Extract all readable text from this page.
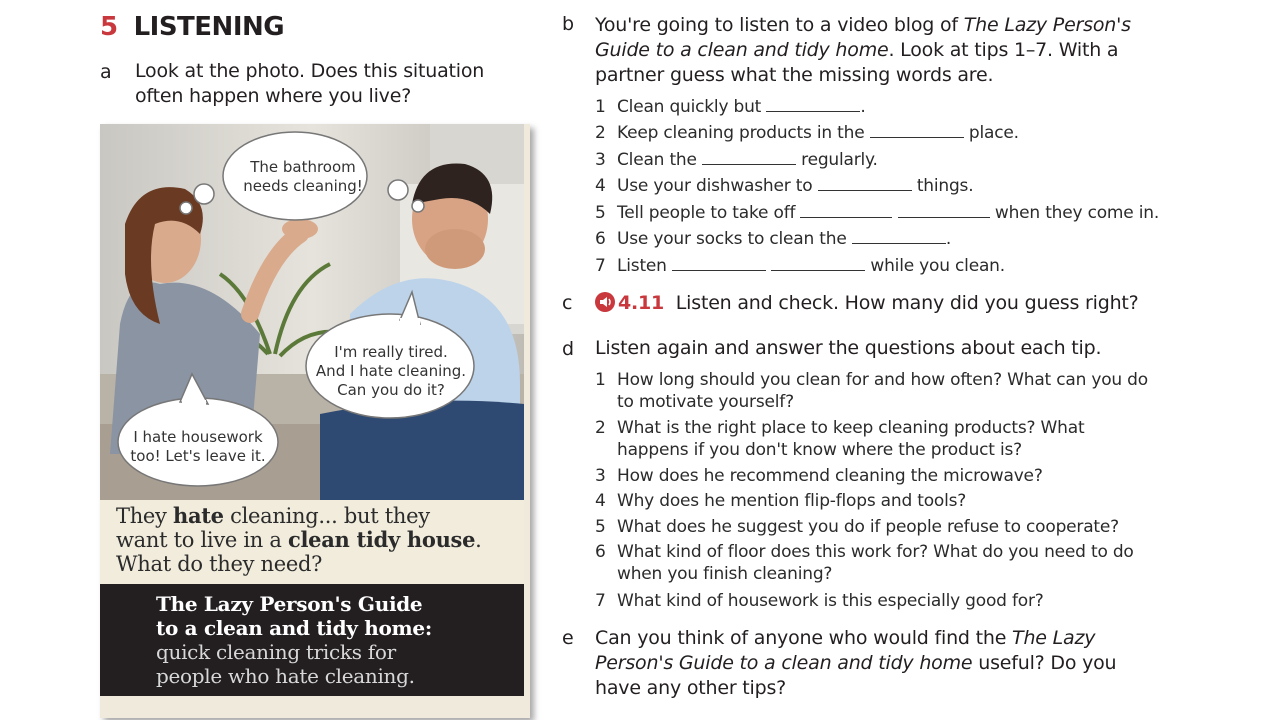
5 LISTENING
a Look at the photo. Does this situation
often happen where you live?
The bathroom
needs cleaning!
I'm really tired.
And I hate cleaning.
Can you do it?
I hate housework
too! Let's leave it.
They hate cleaning... but they
want to live in a clean tidy house.
What do they need?
The Lazy Person's Guide
to a clean and tidy home:
quick cleaning tricks for
people who hate cleaning.
b You're going to listen to a video blog of The Lazy Person's
Guide to a clean and tidy home. Look at tips 1–7. With a
partner guess what the missing words are.
1 Clean quickly but	.
2 Keep cleaning products in the	place.
3 Clean the	regularly.
4 Use your dishwasher to	things.
5 Tell people to take off	when they come in.
6 Use your socks to clean the	.
7 Listen	while you clean.
c	4.11 Listen and check. How many did you guess right?
d Listen again and answer the questions about each tip.
1 How long should you clean for and how often? What can you do
to motivate yourself?
2 What is the right place to keep cleaning products? What
happens if you don't know where the product is?
3 How does he recommend cleaning the microwave?
4 Why does he mention flip-flops and tools?
5 What does he suggest you do if people refuse to cooperate?
6 What kind of floor does this work for? What do you need to do
when you finish cleaning?
7 What kind of housework is this especially good for?
e Can you think of anyone who would find the The Lazy
Person's Guide to a clean and tidy home useful? Do you
have any other tips?
